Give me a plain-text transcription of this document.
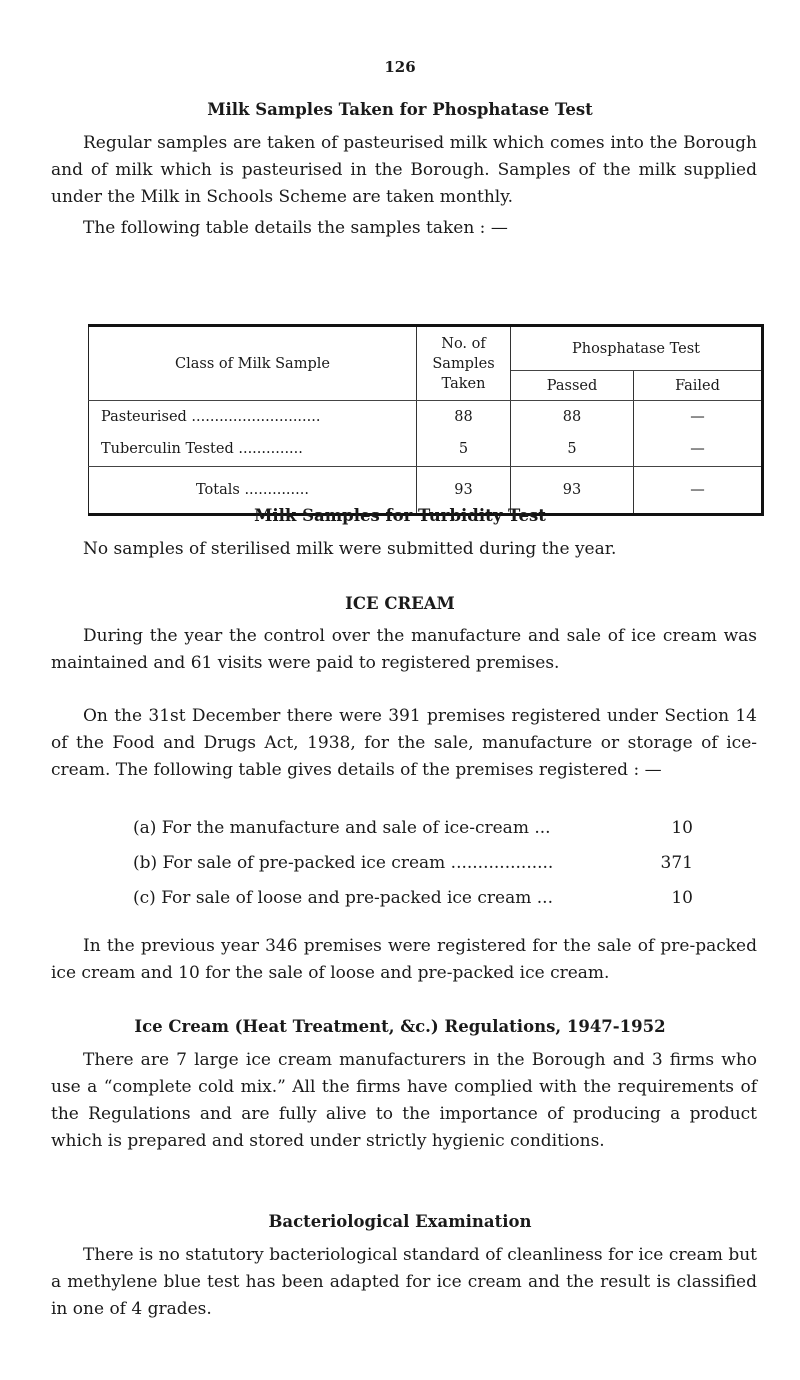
126
Milk Samples Taken for Phosphatase Test
Regular samples are taken of pasteurised milk which comes into the Borough and of milk which is pasteurised in the Borough. Samples of the milk supplied under the Milk in Schools Scheme are taken monthly.
The following table details the samples taken : —
Class of Milk Sample	No. of Samples Taken	Phosphatase Test	
		Passed	Failed
Pasteurised ............................	88	88	—
Tuberculin Tested ..............	5	5	—
Totals ..............	93	93	—
Milk Samples for Turbidity Test
No samples of sterilised milk were submitted during the year.
ICE CREAM
During the year the control over the manufacture and sale of ice cream was maintained and 61 visits were paid to registered premises.
On the 31st December there were 391 premises registered under Section 14 of the Food and Drugs Act, 1938, for the sale, manufacture or storage of ice-cream. The following table gives details of the premises registered : —
(a) For the manufacture and sale of ice-cream ...	10
(b) For sale of pre-packed ice cream ...................	371
(c) For sale of loose and pre-packed ice cream ...	10
In the previous year 346 premises were registered for the sale of pre-packed ice cream and 10 for the sale of loose and pre-packed ice cream.
Ice Cream (Heat Treatment, &c.) Regulations, 1947-1952
There are 7 large ice cream manufacturers in the Borough and 3 firms who use a “complete cold mix.” All the firms have complied with the requirements of the Regulations and are fully alive to the importance of producing a product which is prepared and stored under strictly hygienic conditions.
Bacteriological Examination
There is no statutory bacteriological standard of cleanliness for ice cream but a methylene blue test has been adapted for ice cream and the result is classified in one of 4 grades.
